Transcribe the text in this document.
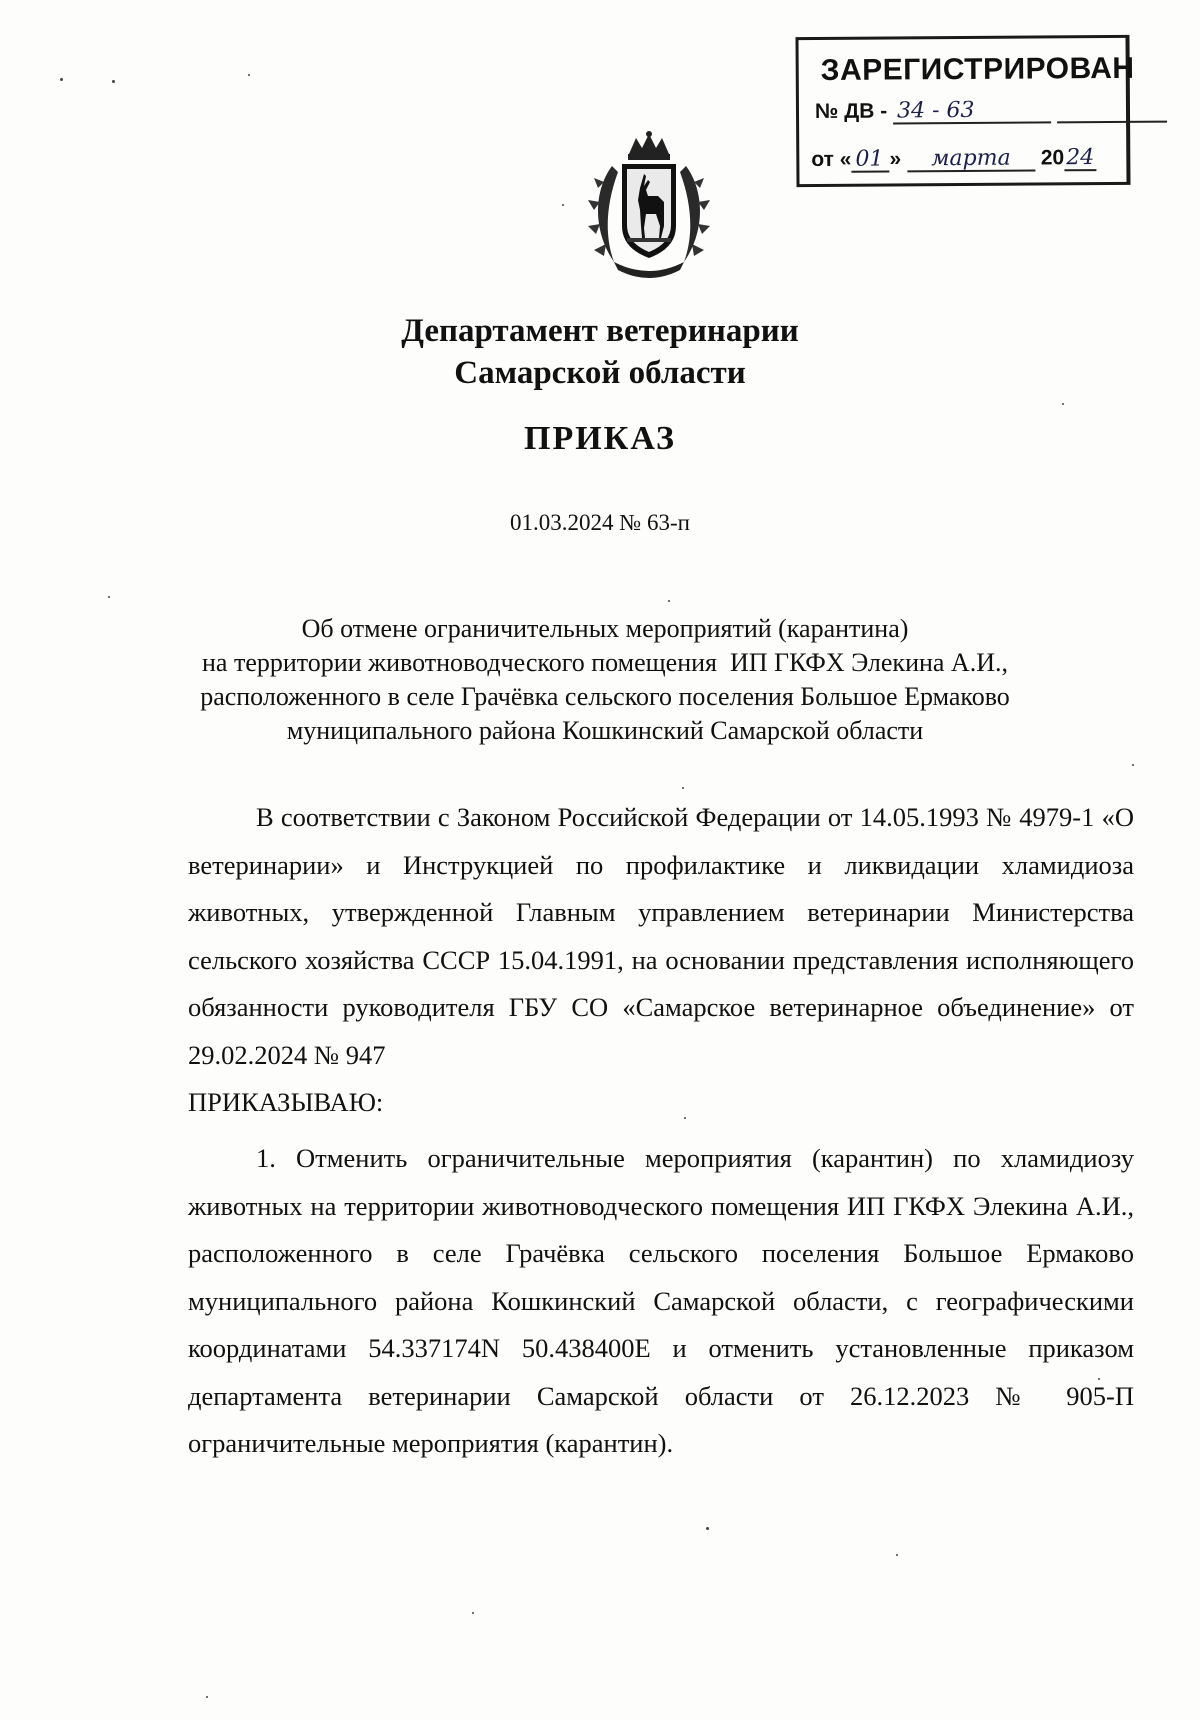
ЗАРЕГИСТРИРОВАН
№ ДВ - 34 - 63
от « 01 » марта 2024
Департамент ветеринарии
Самарской области
ПРИКАЗ
01.03.2024 № 63-п
Об отмене ограничительных мероприятий (карантина)
на территории животноводческого помещения  ИП ГКФХ Элекина А.И.,
расположенного в селе Грачёвка сельского поселения Большое Ермаково
муниципального района Кошкинский Самарской области

В соответствии с Законом Российской Федерации от 14.05.1993 № 4979-1 «О ветеринарии» и Инструкцией по профилактике и ликвидации хламидиоза животных, утвержденной Главным управлением ветеринарии Министерства сельского хозяйства СССР 15.04.1991, на основании представления исполняющего обязанности руководителя ГБУ СО «Самарское ветеринарное объединение» от 29.02.2024 № 947

ПРИКАЗЫВАЮ:

1. Отменить ограничительные мероприятия (карантин) по хламидиозу животных на территории животноводческого помещения ИП ГКФХ Элекина А.И., расположенного в селе Грачёвка сельского поселения Большое Ермаково муниципального района Кошкинский Самарской области, с географическими координатами 54.337174N 50.438400E и отменить установленные приказом департамента ветеринарии Самарской области от 26.12.2023 № 905-П ограничительные мероприятия (карантин).
